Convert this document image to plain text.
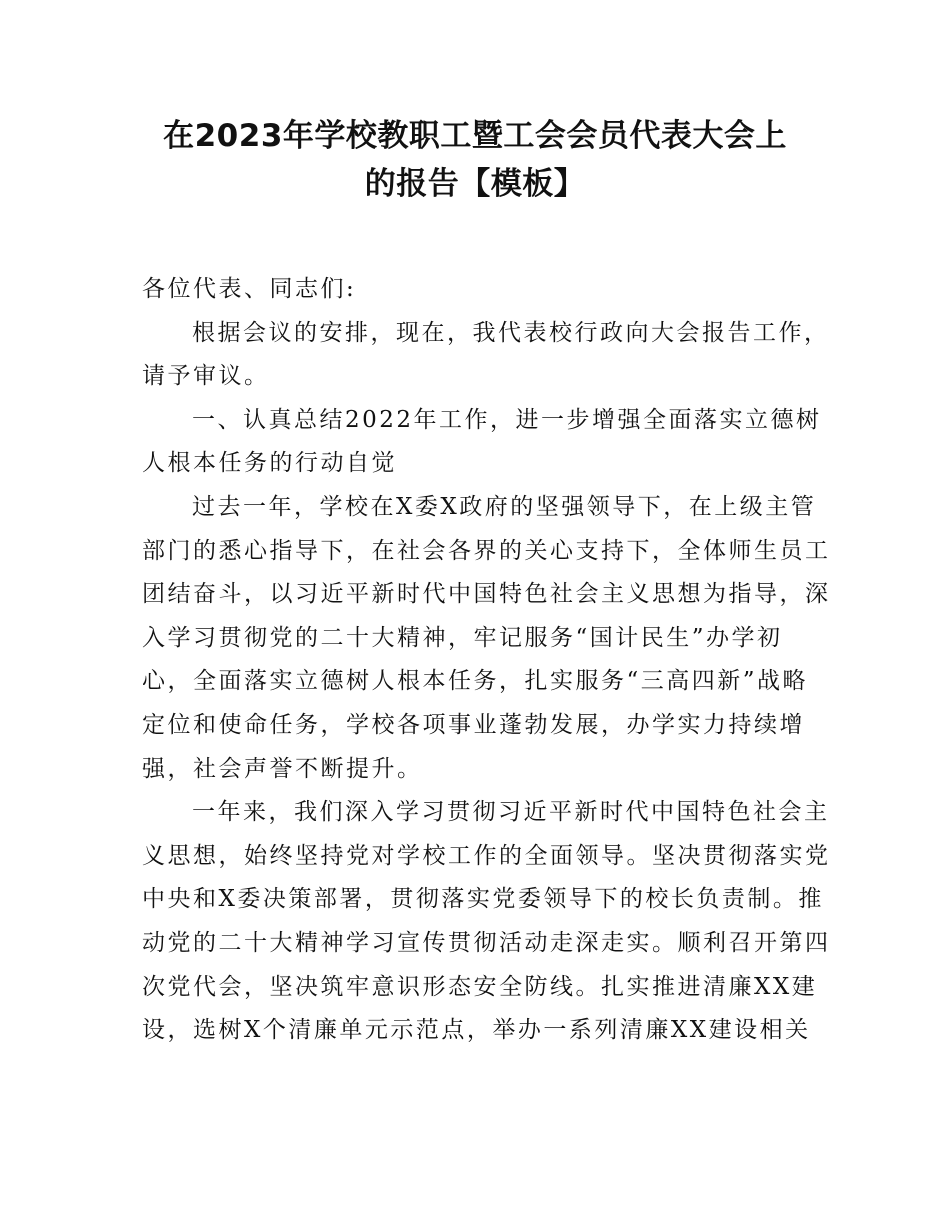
在2023年学校教职工暨工会会员代表大会上
的报告【模板】
各位代表、同志们:
根据会议的安排，现在，我代表校行政向大会报告工作，
请予审议。
一、认真总结2022年工作，进一步增强全面落实立德树
人根本任务的行动自觉
过去一年，学校在X委X政府的坚强领导下，在上级主管
部门的悉心指导下，在社会各界的关心支持下，全体师生员工
团结奋斗，以习近平新时代中国特色社会主义思想为指导，深
入学习贯彻党的二十大精神，牢记服务“国计民生”办学初
心，全面落实立德树人根本任务，扎实服务“三高四新”战略
定位和使命任务，学校各项事业蓬勃发展，办学实力持续增
强，社会声誉不断提升。
一年来，我们深入学习贯彻习近平新时代中国特色社会主
义思想，始终坚持党对学校工作的全面领导。坚决贯彻落实党
中央和X委决策部署，贯彻落实党委领导下的校长负责制。推
动党的二十大精神学习宣传贯彻活动走深走实。顺利召开第四
次党代会，坚决筑牢意识形态安全防线。扎实推进清廉XX建
设，选树X个清廉单元示范点，举办一系列清廉XX建设相关
